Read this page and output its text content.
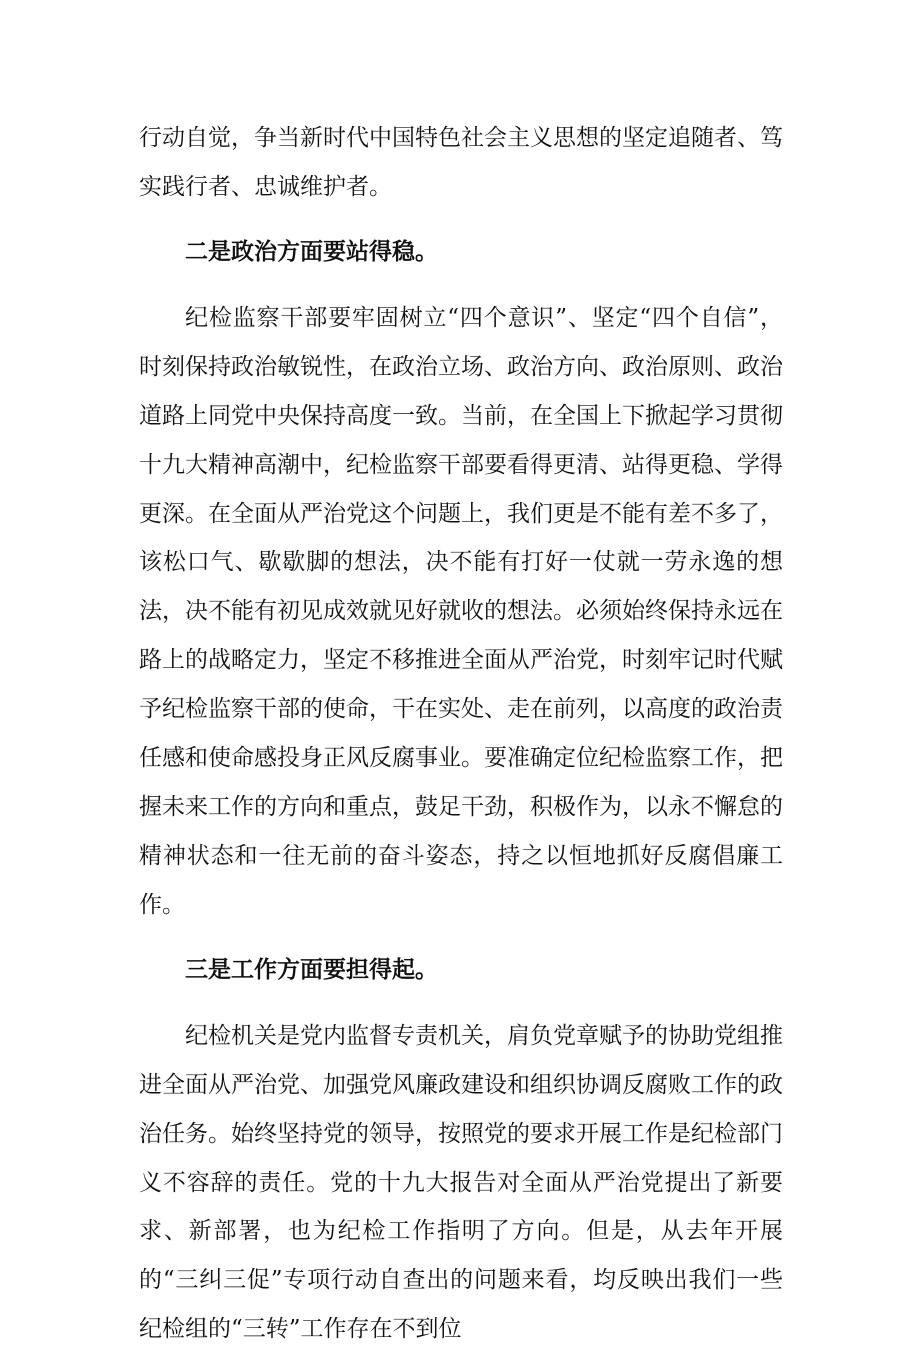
行动自觉，争当新时代中国特色社会主义思想的坚定追随者、笃实践行者、忠诚维护者。

二是政治方面要站得稳。

纪检监察干部要牢固树立“四个意识”、坚定“四个自信”，时刻保持政治敏锐性，在政治立场、政治方向、政治原则、政治道路上同党中央保持高度一致。当前，在全国上下掀起学习贯彻十九大精神高潮中，纪检监察干部要看得更清、站得更稳、学得更深。在全面从严治党这个问题上，我们更是不能有差不多了，该松口气、歇歇脚的想法，决不能有打好一仗就一劳永逸的想法，决不能有初见成效就见好就收的想法。必须始终保持永远在路上的战略定力，坚定不移推进全面从严治党，时刻牢记时代赋予纪检监察干部的使命，干在实处、走在前列，以高度的政治责任感和使命感投身正风反腐事业。要准确定位纪检监察工作，把握未来工作的方向和重点，鼓足干劲，积极作为，以永不懈怠的精神状态和一往无前的奋斗姿态，持之以恒地抓好反腐倡廉工作。

三是工作方面要担得起。

纪检机关是党内监督专责机关，肩负党章赋予的协助党组推进全面从严治党、加强党风廉政建设和组织协调反腐败工作的政治任务。始终坚持党的领导，按照党的要求开展工作是纪检部门义不容辞的责任。党的十九大报告对全面从严治党提出了新要求、新部署，也为纪检工作指明了方向。但是，从去年开展的“三纠三促”专项行动自查出的问题来看，均反映出我们一些纪检组的“三转”工作存在不到位
